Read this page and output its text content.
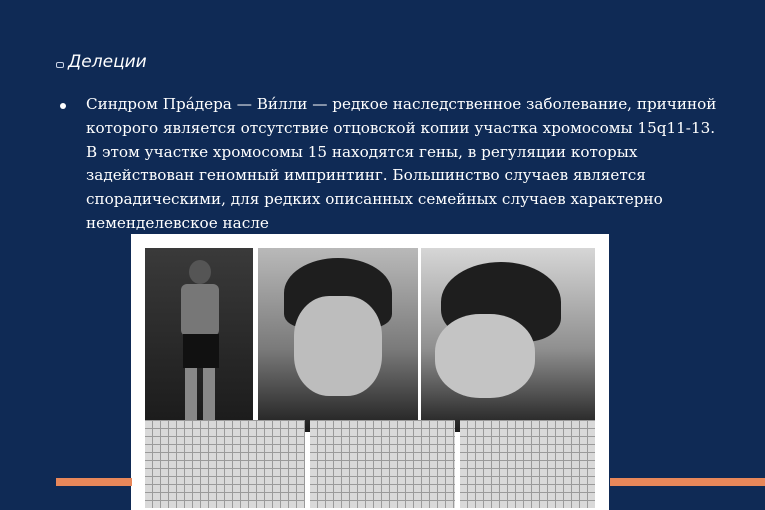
Делеции

Синдром Пра́дера — Ви́лли — редкое наследственное заболевание, причиной которого является отсутствие отцовской копии участка хромосомы 15q11-13. В этом участке хромосомы 15 находятся гены, в регуляции которых задействован геномный импринтинг. Большинство случаев является спорадическими, для редких описанных семейных случаев характерно неменделевское насле
